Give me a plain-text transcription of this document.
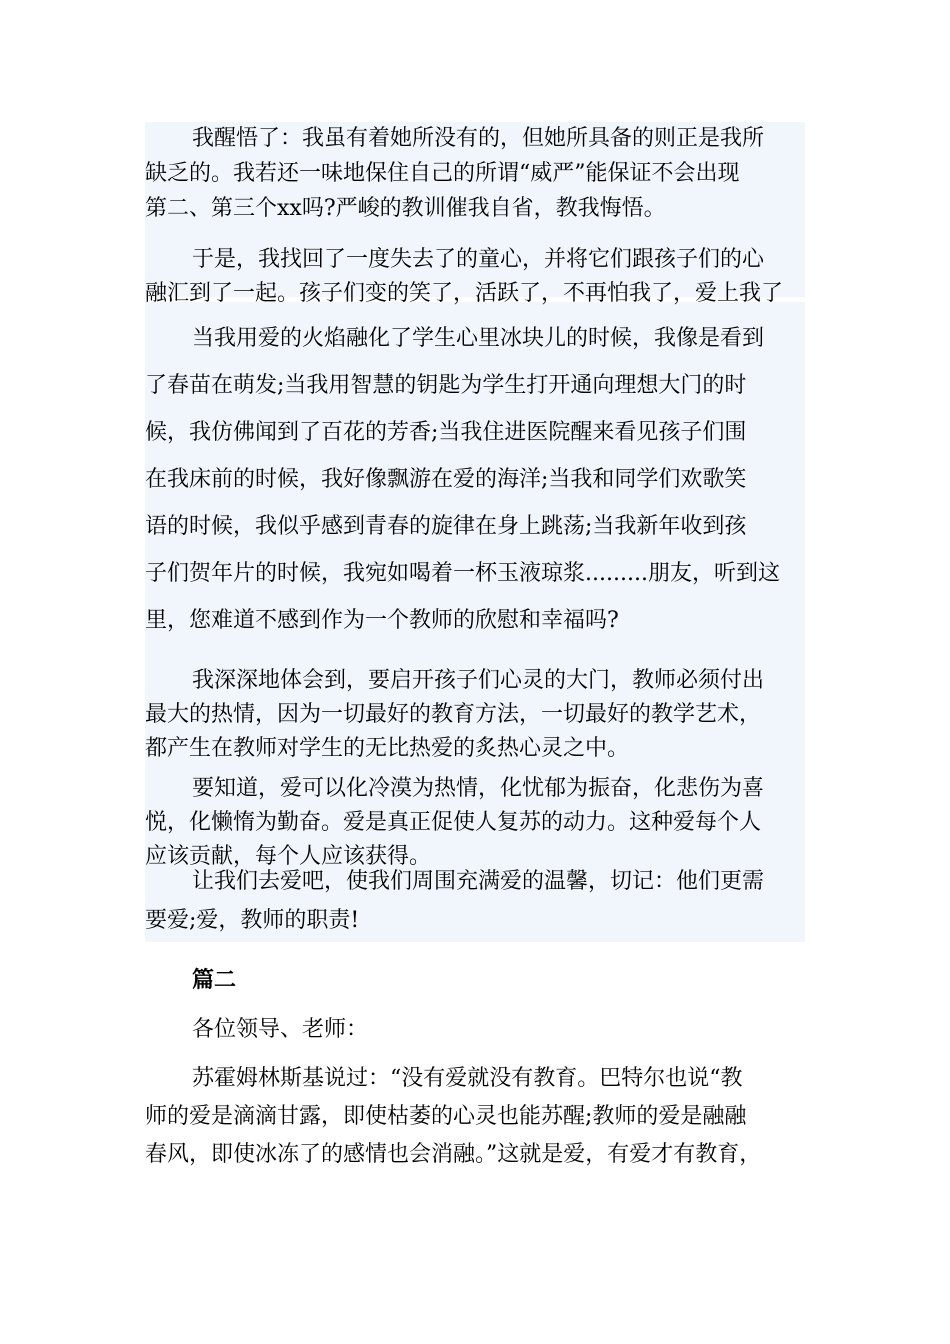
我醒悟了：我虽有着她所没有的，但她所具备的则正是我所
缺乏的。我若还一味地保住自己的所谓“威严”能保证不会出现
第二、第三个xx吗?严峻的教训催我自省，教我悔悟。
于是，我找回了一度失去了的童心，并将它们跟孩子们的心
融汇到了一起。孩子们变的笑了，活跃了，不再怕我了，爱上我了
当我用爱的火焰融化了学生心里冰块儿的时候，我像是看到
了春苗在萌发;当我用智慧的钥匙为学生打开通向理想大门的时
候，我仿佛闻到了百花的芳香;当我住进医院醒来看见孩子们围
在我床前的时候，我好像飘游在爱的海洋;当我和同学们欢歌笑
语的时候，我似乎感到青春的旋律在身上跳荡;当我新年收到孩
子们贺年片的时候，我宛如喝着一杯玉液琼浆.........朋友，听到这
里，您难道不感到作为一个教师的欣慰和幸福吗?
我深深地体会到，要启开孩子们心灵的大门，教师必须付出
最大的热情，因为一切最好的教育方法，一切最好的教学艺术，
都产生在教师对学生的无比热爱的炙热心灵之中。
要知道，爱可以化冷漠为热情，化忧郁为振奋，化悲伤为喜
悦，化懒惰为勤奋。爱是真正促使人复苏的动力。这种爱每个人
应该贡献，每个人应该获得。
让我们去爱吧，使我们周围充满爱的温馨，切记：他们更需
要爱;爱，教师的职责!
篇二
各位领导、老师：
苏霍姆林斯基说过：“没有爱就没有教育。巴特尔也说“教
师的爱是滴滴甘露，即使枯萎的心灵也能苏醒;教师的爱是融融
春风，即使冰冻了的感情也会消融。”这就是爱，有爱才有教育，
